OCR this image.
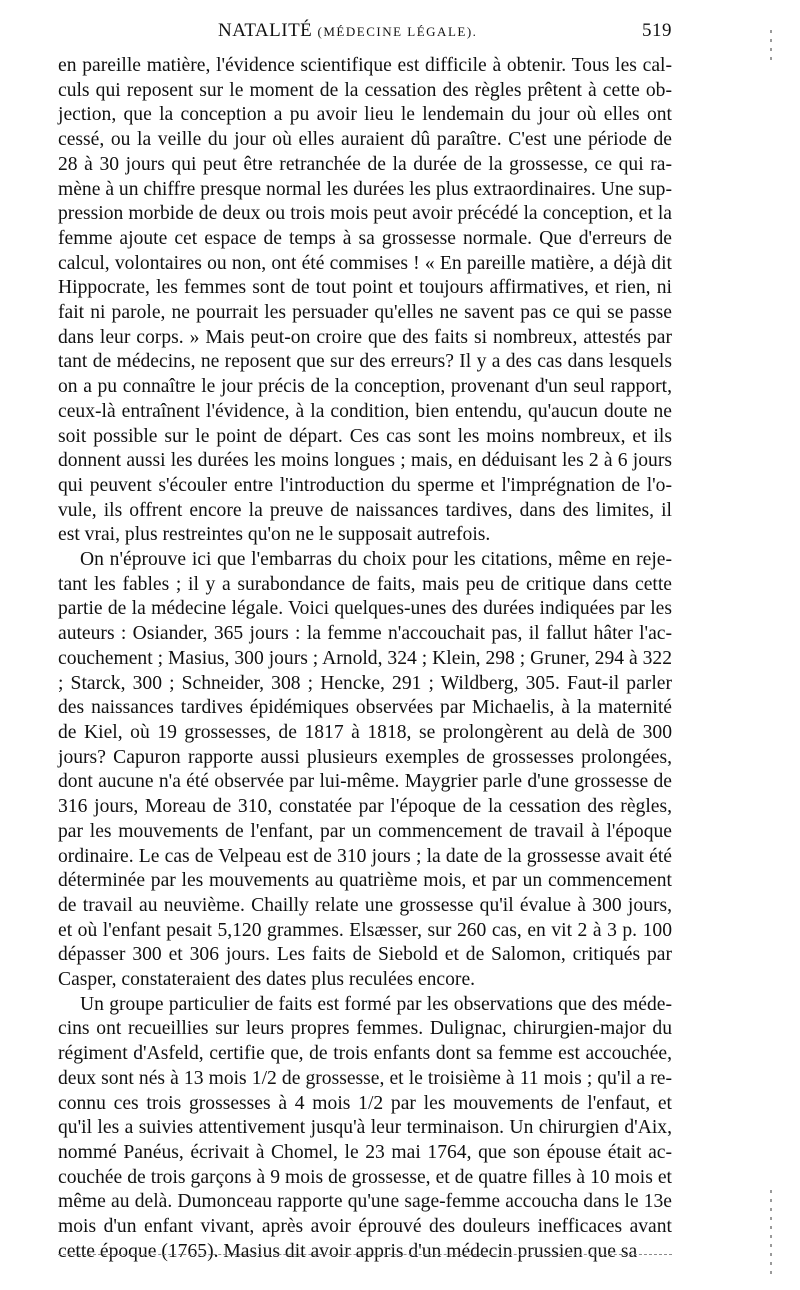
NATALITÉ (MÉDECINE LÉGALE).	519

en pareille matière, l'évidence scientifique est difficile à obtenir. Tous les calculs qui reposent sur le moment de la cessation des règles prêtent à cette objection, que la conception a pu avoir lieu le lendemain du jour où elles ont cessé, ou la veille du jour où elles auraient dû paraître. C'est une période de 28 à 30 jours qui peut être retranchée de la durée de la grossesse, ce qui ramène à un chiffre presque normal les durées les plus extraordinaires. Une suppression morbide de deux ou trois mois peut avoir précédé la conception, et la femme ajoute cet espace de temps à sa grossesse normale. Que d'erreurs de calcul, volontaires ou non, ont été commises ! « En pareille matière, a déjà dit Hippocrate, les femmes sont de tout point et toujours affirmatives, et rien, ni fait ni parole, ne pourrait les persuader qu'elles ne savent pas ce qui se passe dans leur corps. » Mais peut-on croire que des faits si nombreux, attestés par tant de médecins, ne reposent que sur des erreurs? Il y a des cas dans lesquels on a pu connaître le jour précis de la conception, provenant d'un seul rapport, ceux-là entraînent l'évidence, à la condition, bien entendu, qu'aucun doute ne soit possible sur le point de départ. Ces cas sont les moins nombreux, et ils donnent aussi les durées les moins longues ; mais, en déduisant les 2 à 6 jours qui peuvent s'écouler entre l'introduction du sperme et l'imprégnation de l'ovule, ils offrent encore la preuve de naissances tardives, dans des limites, il est vrai, plus restreintes qu'on ne le supposait autrefois.

On n'éprouve ici que l'embarras du choix pour les citations, même en rejetant les fables ; il y a surabondance de faits, mais peu de critique dans cette partie de la médecine légale. Voici quelques-unes des durées indiquées par les auteurs : Osiander, 365 jours : la femme n'accouchait pas, il fallut hâter l'accouchement ; Masius, 300 jours ; Arnold, 324 ; Klein, 298 ; Gruner, 294 à 322 ; Starck, 300 ; Schneider, 308 ; Hencke, 291 ; Wildberg, 305. Faut-il parler des naissances tardives épidémiques observées par Michaelis, à la maternité de Kiel, où 19 grossesses, de 1817 à 1818, se prolongèrent au delà de 300 jours? Capuron rapporte aussi plusieurs exemples de grossesses prolongées, dont aucune n'a été observée par lui-même. Maygrier parle d'une grossesse de 316 jours, Moreau de 310, constatée par l'époque de la cessation des règles, par les mouvements de l'enfant, par un commencement de travail à l'époque ordinaire. Le cas de Velpeau est de 310 jours ; la date de la grossesse avait été déterminée par les mouvements au quatrième mois, et par un commencement de travail au neuvième. Chailly relate une grossesse qu'il évalue à 300 jours, et où l'enfant pesait 5,120 grammes. Elsæsser, sur 260 cas, en vit 2 à 3 p. 100 dépasser 300 et 306 jours. Les faits de Siebold et de Salomon, critiqués par Casper, constateraient des dates plus reculées encore.

Un groupe particulier de faits est formé par les observations que des médecins ont recueillies sur leurs propres femmes. Dulignac, chirurgien-major du régiment d'Asfeld, certifie que, de trois enfants dont sa femme est accouchée, deux sont nés à 13 mois 1/2 de grossesse, et le troisième à 11 mois ; qu'il a reconnu ces trois grossesses à 4 mois 1/2 par les mouvements de l'enfaut, et qu'il les a suivies attentivement jusqu'à leur terminaison. Un chirurgien d'Aix, nommé Panéus, écrivait à Chomel, le 23 mai 1764, que son épouse était accouchée de trois garçons à 9 mois de grossesse, et de quatre filles à 10 mois et même au delà. Dumonceau rapporte qu'une sage-femme accoucha dans le 13e mois d'un enfant vivant, après avoir éprouvé des douleurs inefficaces avant cette époque (1765). Masius dit avoir appris d'un médecin prussien que sa
